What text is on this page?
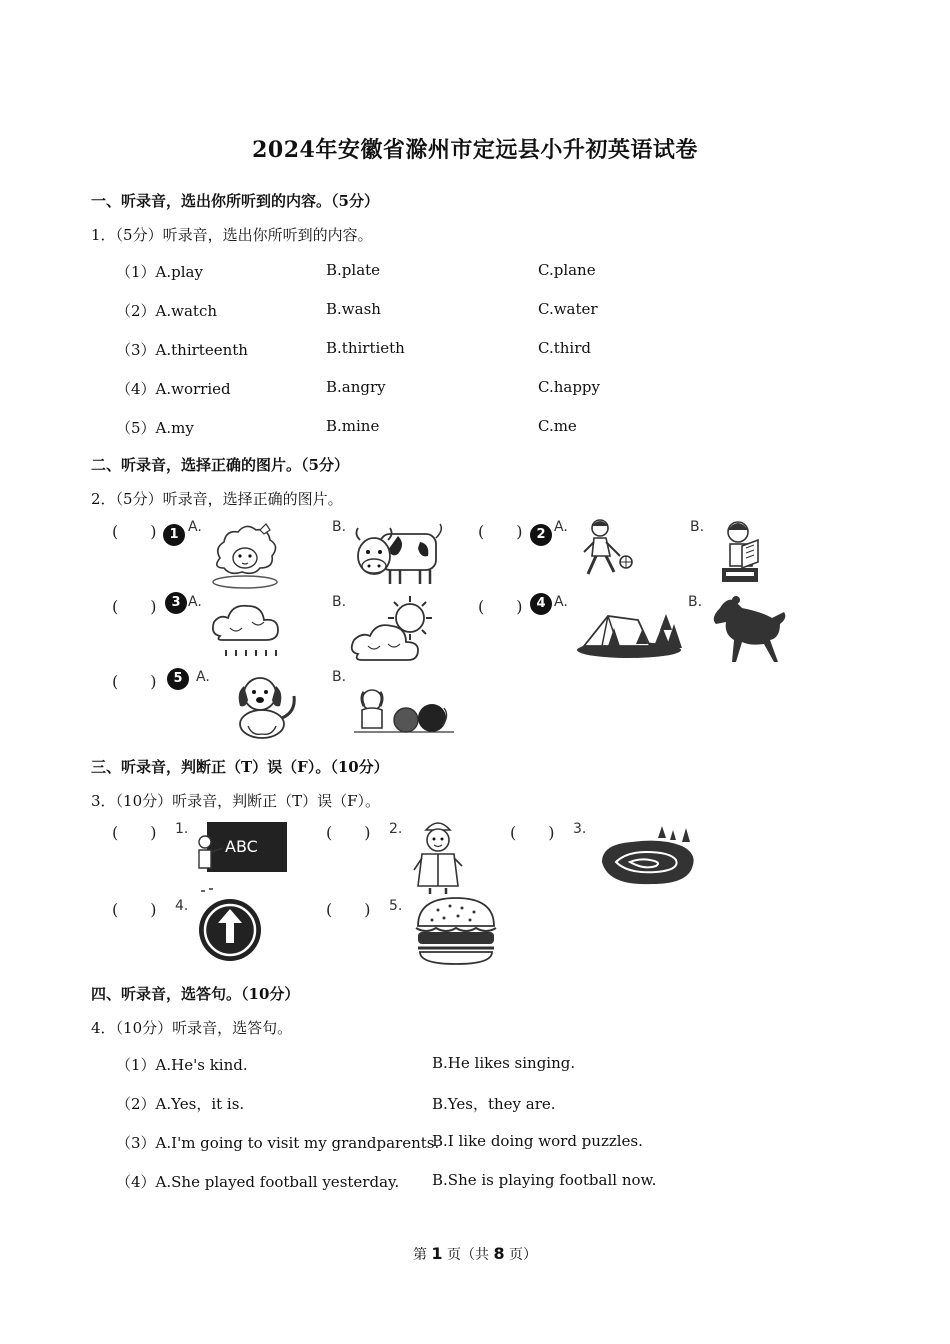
2024年安徽省滁州市定远县小升初英语试卷
一、听录音，选出你所听到的内容。（5分）
1．（5分）听录音，选出你所听到的内容。
（1）A.play	B.plate	C.plane
（2）A.watch	B.wash	C.water
（3）A.thirteenth	B.thirtieth	C.third
（4）A.worried	B.angry	C.happy
（5）A.my	B.mine	C.me
二、听录音，选择正确的图片。（5分）
2．（5分）听录音，选择正确的图片。
(　　) 1 A.	B.	(　　)	2 A.	B.
(　　)	3 A.	B.	(　　)	4 A.	B.
(　　)	5 A.	B.
三、听录音，判断正（T）误（F）。（10分）
3．（10分）听录音，判断正（T）误（F）。
(　　) 1.
ABC
(　　) 2.	(　　) 3.
(　　) 4.	(　　) 5.
四、听录音，选答句。（10分）
4．（10分）听录音，选答句。
（1）A.He's kind.	B.He likes singing.
（2）A.Yes，it is.	B.Yes，they are.
（3）A.I'm going to visit my grandparents.
B.I like doing word puzzles.
（4）A.She played football yesterday. B.She is playing football now.
第 1 页（共 8 页）
